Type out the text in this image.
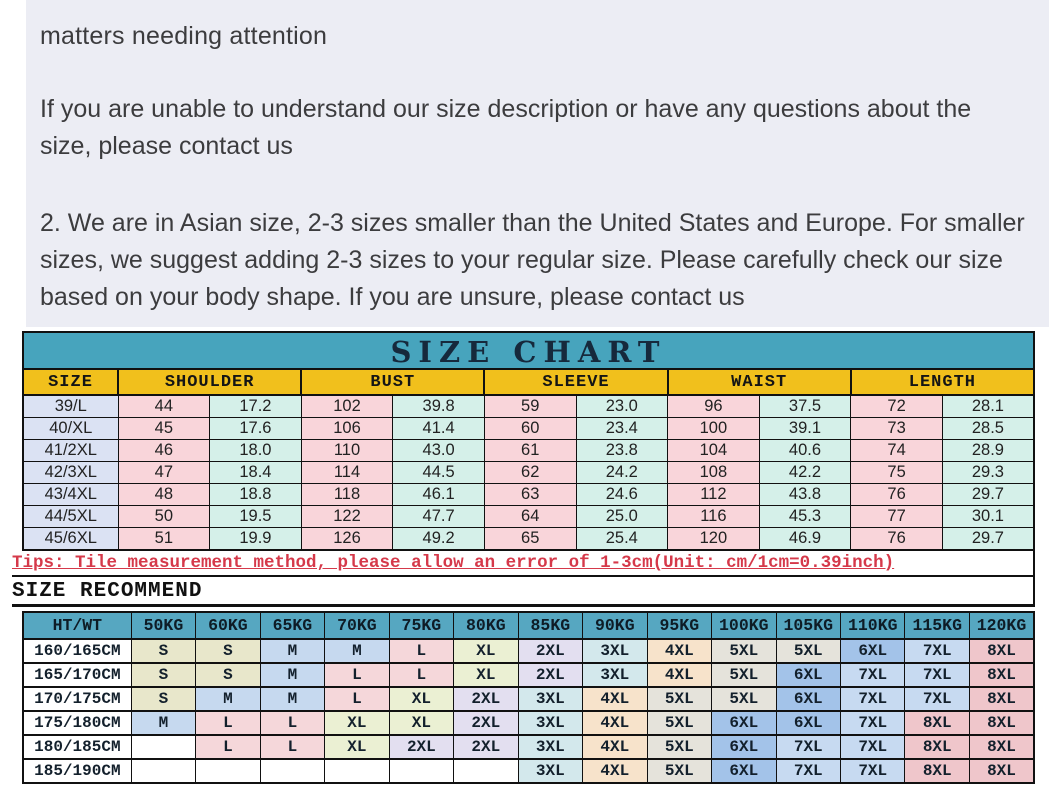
matters needing attention

If you are unable to understand our size description or have any questions about the size, please contact us

2. We are in Asian size, 2-3 sizes smaller than the United States and Europe. For smaller sizes, we suggest adding 2-3 sizes to your regular size. Please carefully check our size based on your body shape. If you are unsure, please contact us

SIZE CHART
SIZE	SHOULDER		BUST		SLEEVE		WAIST		LENGTH	
39/L	44	17.2	102	39.8	59	23.0	96	37.5	72	28.1
40/XL	45	17.6	106	41.4	60	23.4	100	39.1	73	28.5
41/2XL	46	18.0	110	43.0	61	23.8	104	40.6	74	28.9
42/3XL	47	18.4	114	44.5	62	24.2	108	42.2	75	29.3
43/4XL	48	18.8	118	46.1	63	24.6	112	43.8	76	29.7
44/5XL	50	19.5	122	47.7	64	25.0	116	45.3	77	30.1
45/6XL	51	19.9	126	49.2	65	25.4	120	46.9	76	29.7
Tips: Tile measurement method, please allow an error of 1-3cm(Unit: cm/1cm=0.39inch)
SIZE RECOMMEND
HT/WT	50KG	60KG	65KG	70KG	75KG	80KG	85KG	90KG	95KG	100KG	105KG	110KG	115KG	120KG
160/165CM	S	S	M	M	L	XL	2XL	3XL	4XL	5XL	5XL	6XL	7XL	8XL
165/170CM	S	S	M	L	L	XL	2XL	3XL	4XL	5XL	6XL	7XL	7XL	8XL
170/175CM	S	M	M	L	XL	2XL	3XL	4XL	5XL	5XL	6XL	7XL	7XL	8XL
175/180CM	M	L	L	XL	XL	2XL	3XL	4XL	5XL	6XL	6XL	7XL	8XL	8XL
180/185CM		L	L	XL	2XL	2XL	3XL	4XL	5XL	6XL	7XL	7XL	8XL	8XL
185/190CM							3XL	4XL	5XL	6XL	7XL	7XL	8XL	8XL
